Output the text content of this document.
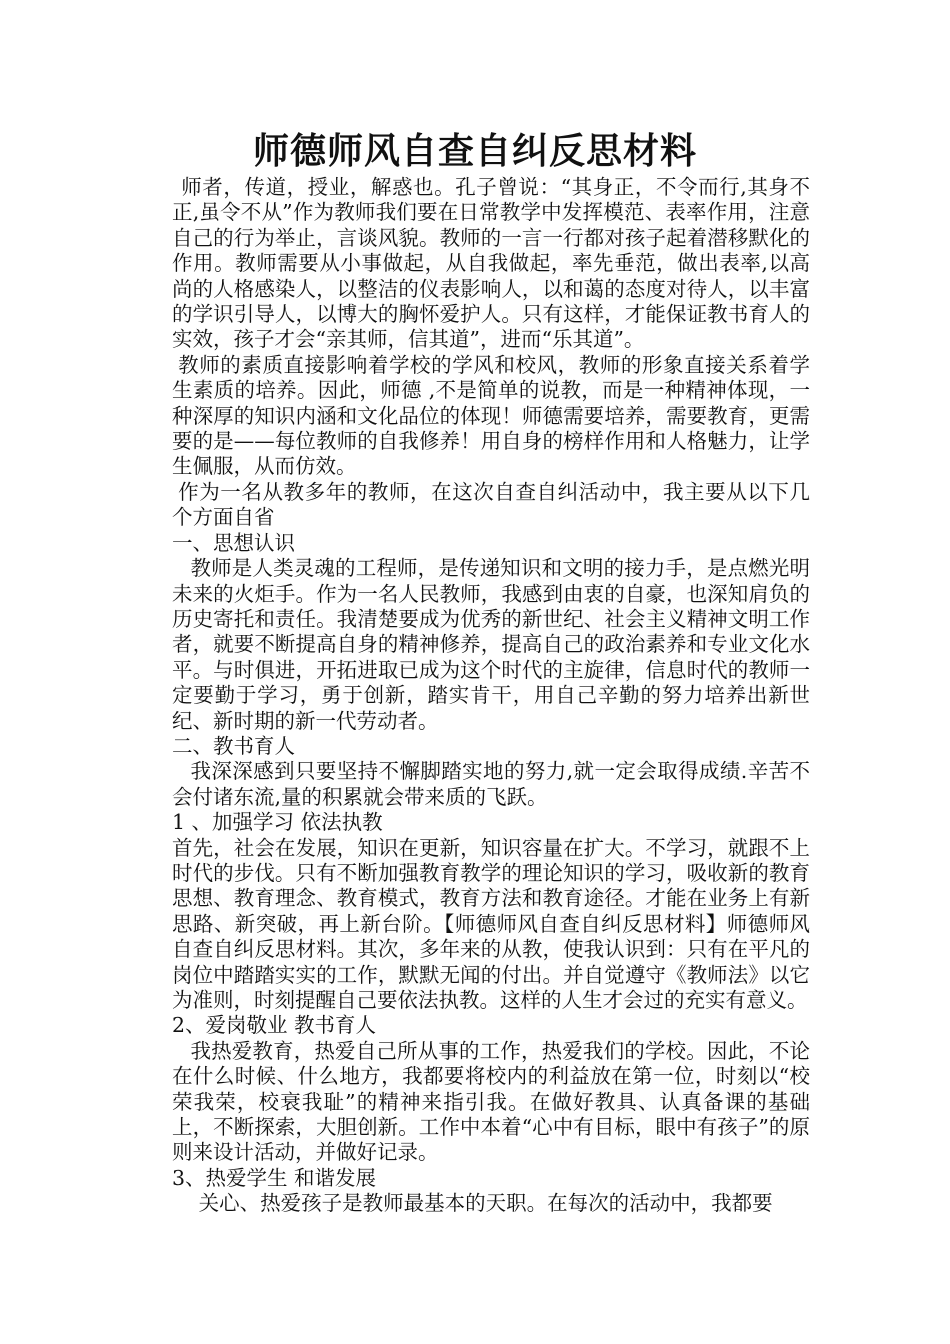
师德师风自查自纠反思材料

师者，传道，授业，解惑也。孔子曾说：“其身正，不令而行,其身不正,虽令不从”作为教师我们要在日常教学中发挥模范、表率作用，注意自己的行为举止，言谈风貌。教师的一言一行都对孩子起着潜移默化的作用。教师需要从小事做起，从自我做起，率先垂范，做出表率,以高尚的人格感染人，以整洁的仪表影响人，以和蔼的态度对待人，以丰富的学识引导人，以博大的胸怀爱护人。只有这样，才能保证教书育人的实效，孩子才会“亲其师，信其道”，进而“乐其道”。

教师的素质直接影响着学校的学风和校风，教师的形象直接关系着学生素质的培养。因此，师德 ,不是简单的说教，而是一种精神体现，一种深厚的知识内涵和文化品位的体现！师德需要培养，需要教育，更需要的是——每位教师的自我修养！用自身的榜样作用和人格魅力，让学生佩服，从而仿效。

作为一名从教多年的教师，在这次自查自纠活动中，我主要从以下几个方面自省

一、思想认识

教师是人类灵魂的工程师，是传递知识和文明的接力手，是点燃光明未来的火炬手。作为一名人民教师，我感到由衷的自豪，也深知肩负的历史寄托和责任。我清楚要成为优秀的新世纪、社会主义精神文明工作者，就要不断提高自身的精神修养，提高自己的政治素养和专业文化水平。与时俱进，开拓进取已成为这个时代的主旋律，信息时代的教师一定要勤于学习，勇于创新，踏实肯干，用自己辛勤的努力培养出新世纪、新时期的新一代劳动者。

二、教书育人

我深深感到只要坚持不懈脚踏实地的努力,就一定会取得成绩.辛苦不会付诸东流,量的积累就会带来质的飞跃。

1 、加强学习 依法执教

首先，社会在发展，知识在更新，知识容量在扩大。不学习，就跟不上时代的步伐。只有不断加强教育教学的理论知识的学习，吸收新的教育思想、教育理念、教育模式，教育方法和教育途径。才能在业务上有新思路、新突破，再上新台阶。【师德师风自查自纠反思材料】师德师风自查自纠反思材料。其次，多年来的从教，使我认识到：只有在平凡的岗位中踏踏实实的工作，默默无闻的付出。并自觉遵守《教师法》以它为准则，时刻提醒自己要依法执教。这样的人生才会过的充实有意义。

2、爱岗敬业 教书育人

我热爱教育，热爱自己所从事的工作，热爱我们的学校。因此，不论在什么时候、什么地方，我都要将校内的利益放在第一位，时刻以“校荣我荣，校衰我耻”的精神来指引我。在做好教具、认真备课的基础上，不断探索，大胆创新。工作中本着“心中有目标，眼中有孩子”的原则来设计活动，并做好记录。

3、热爱学生 和谐发展

关心、热爱孩子是教师最基本的天职。在每次的活动中，我都要
